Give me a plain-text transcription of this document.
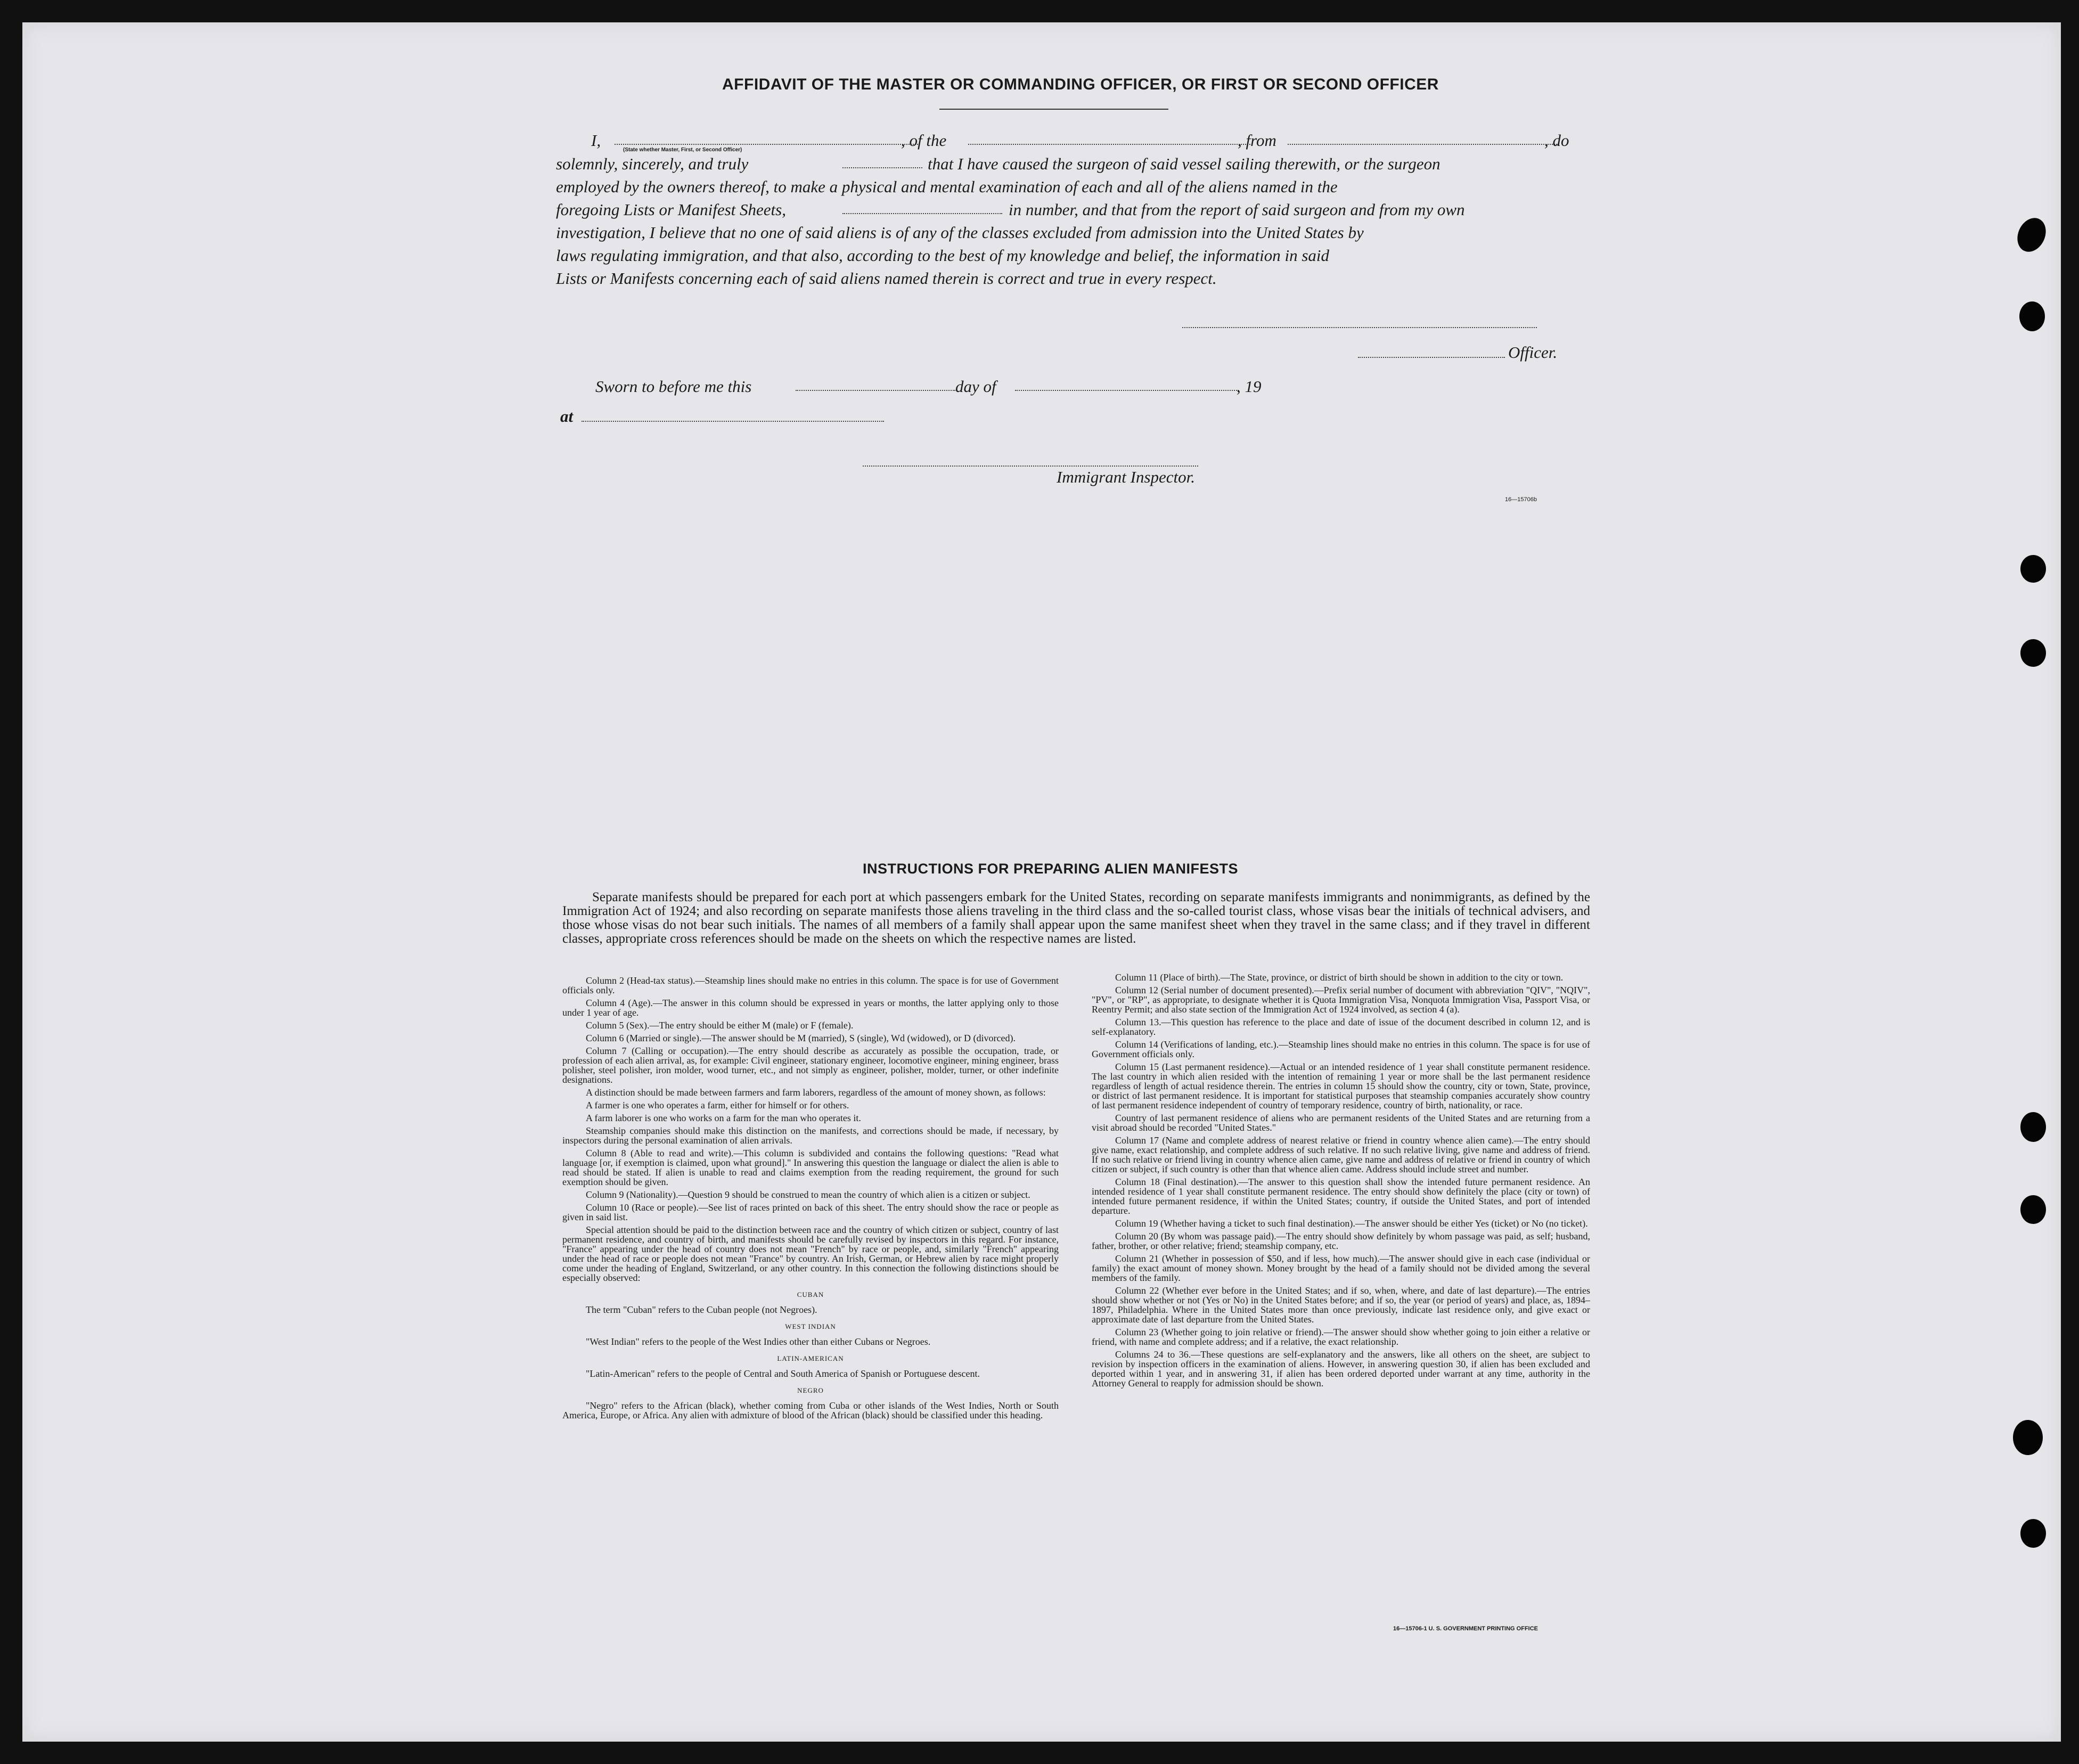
AFFIDAVIT OF THE MASTER OR COMMANDING OFFICER, OR FIRST OR SECOND OFFICER
I,	, of the	, from	, do
(State whether Master, First, or Second Officer)
solemnly, sincerely, and truly	that I have caused the surgeon of said vessel sailing therewith, or the surgeon
employed by the owners thereof, to make a physical and mental examination of each and all of the aliens named in the
foregoing Lists or Manifest Sheets,	in number, and that from the report of said surgeon and from my own
investigation, I believe that no one of said aliens is of any of the classes excluded from admission into the United States by
laws regulating immigration, and that also, according to the best of my knowledge and belief, the information in said
Lists or Manifests concerning each of said aliens named therein is correct and true in every respect.
Officer.
Sworn to before me this	day of	, 19
at
Immigrant Inspector.
16—15706b
INSTRUCTIONS FOR PREPARING ALIEN MANIFESTS

Separate manifests should be prepared for each port at which passengers embark for the United States, recording on separate manifests immigrants and nonimmigrants, as defined by the Immigration Act of 1924; and also recording on separate manifests those aliens traveling in the third class and the so-called tourist class, whose visas bear the initials of technical advisers, and those whose visas do not bear such initials. The names of all members of a family shall appear upon the same manifest sheet when they travel in the same class; and if they travel in different classes, appropriate cross references should be made on the sheets on which the respective names are listed.

Column 2 (Head-tax status).—Steamship lines should make no entries in this column. The space is for use of Government officials only.

Column 4 (Age).—The answer in this column should be expressed in years or months, the latter applying only to those under 1 year of age.

Column 5 (Sex).—The entry should be either M (male) or F (female).

Column 6 (Married or single).—The answer should be M (married), S (single), Wd (widowed), or D (divorced).

Column 7 (Calling or occupation).—The entry should describe as accurately as possible the occupation, trade, or profession of each alien arrival, as, for example: Civil engineer, stationary engineer, locomotive engineer, mining engineer, brass polisher, steel polisher, iron molder, wood turner, etc., and not simply as engineer, polisher, molder, turner, or other indefinite designations.

A distinction should be made between farmers and farm laborers, regardless of the amount of money shown, as follows:

A farmer is one who operates a farm, either for himself or for others.

A farm laborer is one who works on a farm for the man who operates it.

Steamship companies should make this distinction on the manifests, and corrections should be made, if necessary, by inspectors during the personal examination of alien arrivals.

Column 8 (Able to read and write).—This column is subdivided and contains the following questions: "Read what language [or, if exemption is claimed, upon what ground]." In answering this question the language or dialect the alien is able to read should be stated. If alien is unable to read and claims exemption from the reading requirement, the ground for such exemption should be given.

Column 9 (Nationality).—Question 9 should be construed to mean the country of which alien is a citizen or subject.

Column 10 (Race or people).—See list of races printed on back of this sheet. The entry should show the race or people as given in said list.

Special attention should be paid to the distinction between race and the country of which citizen or subject, country of last permanent residence, and country of birth, and manifests should be carefully revised by inspectors in this regard. For instance, "France" appearing under the head of country does not mean "French" by race or people, and, similarly "French" appearing under the head of race or people does not mean "France" by country. An Irish, German, or Hebrew alien by race might properly come under the heading of England, Switzerland, or any other country. In this connection the following distinctions should be especially observed:

CUBAN

The term "Cuban" refers to the Cuban people (not Negroes).

WEST INDIAN

"West Indian" refers to the people of the West Indies other than either Cubans or Negroes.

LATIN-AMERICAN

"Latin-American" refers to the people of Central and South America of Spanish or Portuguese descent.

NEGRO

"Negro" refers to the African (black), whether coming from Cuba or other islands of the West Indies, North or South America, Europe, or Africa. Any alien with admixture of blood of the African (black) should be classified under this heading.

Column 11 (Place of birth).—The State, province, or district of birth should be shown in addition to the city or town.

Column 12 (Serial number of document presented).—Prefix serial number of document with abbreviation "QIV", "NQIV", "PV", or "RP", as appropriate, to designate whether it is Quota Immigration Visa, Nonquota Immigration Visa, Passport Visa, or Reentry Permit; and also state section of the Immigration Act of 1924 involved, as section 4 (a).

Column 13.—This question has reference to the place and date of issue of the document described in column 12, and is self-explanatory.

Column 14 (Verifications of landing, etc.).—Steamship lines should make no entries in this column. The space is for use of Government officials only.

Column 15 (Last permanent residence).—Actual or an intended residence of 1 year shall constitute permanent residence. The last country in which alien resided with the intention of remaining 1 year or more shall be the last permanent residence regardless of length of actual residence therein. The entries in column 15 should show the country, city or town, State, province, or district of last permanent residence. It is important for statistical purposes that steamship companies accurately show country of last permanent residence independent of country of temporary residence, country of birth, nationality, or race.

Country of last permanent residence of aliens who are permanent residents of the United States and are returning from a visit abroad should be recorded "United States."

Column 17 (Name and complete address of nearest relative or friend in country whence alien came).—The entry should give name, exact relationship, and complete address of such relative. If no such relative living, give name and address of friend. If no such relative or friend living in country whence alien came, give name and address of relative or friend in country of which citizen or subject, if such country is other than that whence alien came. Address should include street and number.

Column 18 (Final destination).—The answer to this question shall show the intended future permanent residence. An intended residence of 1 year shall constitute permanent residence. The entry should show definitely the place (city or town) of intended future permanent residence, if within the United States; country, if outside the United States, and port of intended departure.

Column 19 (Whether having a ticket to such final destination).—The answer should be either Yes (ticket) or No (no ticket).

Column 20 (By whom was passage paid).—The entry should show definitely by whom passage was paid, as self; husband, father, brother, or other relative; friend; steamship company, etc.

Column 21 (Whether in possession of $50, and if less, how much).—The answer should give in each case (individual or family) the exact amount of money shown. Money brought by the head of a family should not be divided among the several members of the family.

Column 22 (Whether ever before in the United States; and if so, when, where, and date of last departure).—The entries should show whether or not (Yes or No) in the United States before; and if so, the year (or period of years) and place, as, 1894–1897, Philadelphia. Where in the United States more than once previously, indicate last residence only, and give exact or approximate date of last departure from the United States.

Column 23 (Whether going to join relative or friend).—The answer should show whether going to join either a relative or friend, with name and complete address; and if a relative, the exact relationship.

Columns 24 to 36.—These questions are self-explanatory and the answers, like all others on the sheet, are subject to revision by inspection officers in the examination of aliens. However, in answering question 30, if alien has been excluded and deported within 1 year, and in answering 31, if alien has been ordered deported under warrant at any time, authority in the Attorney General to reapply for admission should be shown.

16—15706-1 U. S. GOVERNMENT PRINTING OFFICE
